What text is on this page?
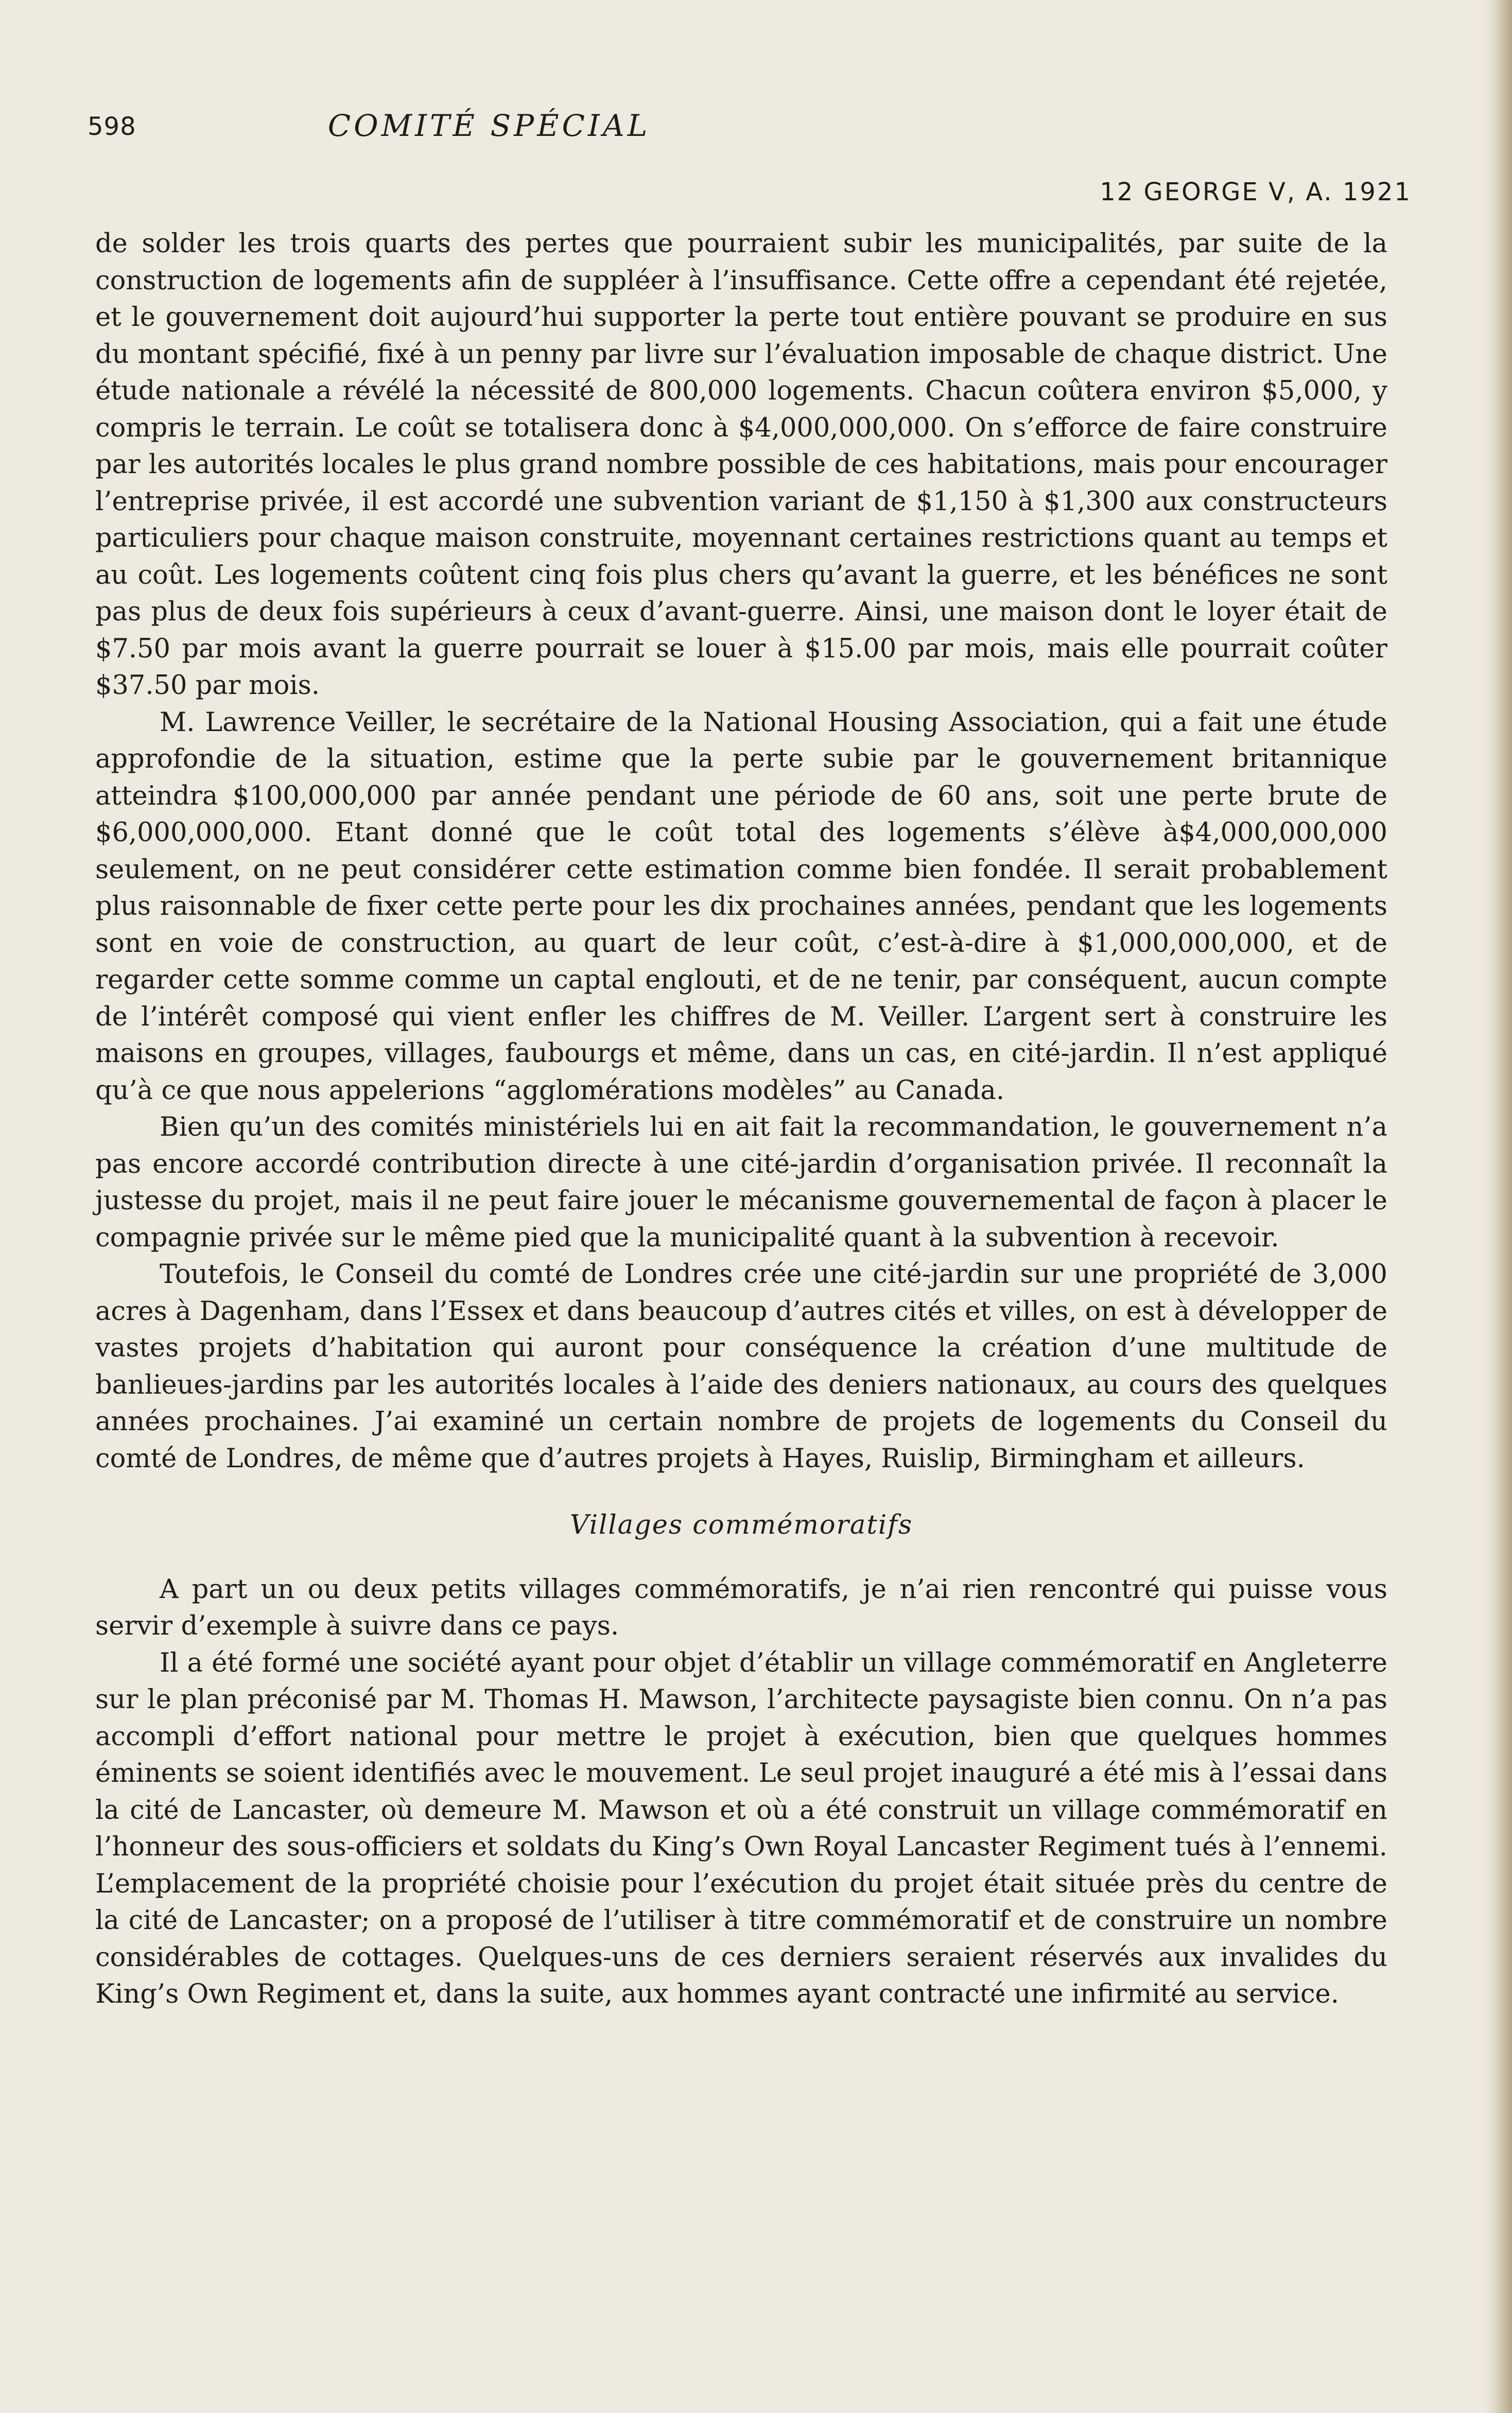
598	COMITÉ SPÉCIAL
12 GEORGE V, A. 1921

de solder les trois quarts des pertes que pourraient subir les municipalités, par suite de la construction de logements afin de suppléer à l’insuffisance. Cette offre a cependant été rejetée, et le gouvernement doit aujourd’hui supporter la perte tout entière pouvant se produire en sus du montant spécifié, fixé à un penny par livre sur l’évaluation imposable de chaque district. Une étude nationale a révélé la nécessité de 800,000 logements. Chacun coûtera environ $5,000, y compris le terrain. Le coût se totalisera donc à $4,000,000,000. On s’efforce de faire construire par les autorités locales le plus grand nombre possible de ces habitations, mais pour encourager l’entreprise privée, il est accordé une subvention variant de $1,150 à $1,300 aux constructeurs particuliers pour chaque maison construite, moyennant certaines restrictions quant au temps et au coût. Les logements coûtent cinq fois plus chers qu’avant la guerre, et les bénéfices ne sont pas plus de deux fois supérieurs à ceux d’avant-guerre. Ainsi, une maison dont le loyer était de $7.50 par mois avant la guerre pourrait se louer à $15.00 par mois, mais elle pourrait coûter $37.50 par mois.

M. Lawrence Veiller, le secrétaire de la National Housing Association, qui a fait une étude approfondie de la situation, estime que la perte subie par le gouvernement britannique atteindra $100,000,000 par année pendant une période de 60 ans, soit une perte brute de $6,000,000,000. Etant donné que le coût total des logements s’élève à$4,000,000,000 seulement, on ne peut considérer cette estimation comme bien fondée. Il serait probablement plus raisonnable de fixer cette perte pour les dix prochaines années, pendant que les logements sont en voie de construction, au quart de leur coût, c’est-à-dire à $1,000,000,000, et de regarder cette somme comme un captal englouti, et de ne tenir, par conséquent, aucun compte de l’intérêt composé qui vient enfler les chiffres de M. Veiller. L’argent sert à construire les maisons en groupes, villages, faubourgs et même, dans un cas, en cité-jardin. Il n’est appliqué qu’à ce que nous appelerions “agglomérations modèles” au Canada.

Bien qu’un des comités ministériels lui en ait fait la recommandation, le gouvernement n’a pas encore accordé contribution directe à une cité-jardin d’organisation privée. Il reconnaît la justesse du projet, mais il ne peut faire jouer le mécanisme gouvernemental de façon à placer le compagnie privée sur le même pied que la municipalité quant à la subvention à recevoir.

Toutefois, le Conseil du comté de Londres crée une cité-jardin sur une propriété de 3,000 acres à Dagenham, dans l’Essex et dans beaucoup d’autres cités et villes, on est à développer de vastes projets d’habitation qui auront pour conséquence la création d’une multitude de banlieues-jardins par les autorités locales à l’aide des deniers nationaux, au cours des quelques années prochaines. J’ai examiné un certain nombre de projets de logements du Conseil du comté de Londres, de même que d’autres projets à Hayes, Ruislip, Birmingham et ailleurs.

Villages commémoratifs

A part un ou deux petits villages commémoratifs, je n’ai rien rencontré qui puisse vous servir d’exemple à suivre dans ce pays.

Il a été formé une société ayant pour objet d’établir un village commémoratif en Angleterre sur le plan préconisé par M. Thomas H. Mawson, l’architecte paysagiste bien connu. On n’a pas accompli d’effort national pour mettre le projet à exécution, bien que quelques hommes éminents se soient identifiés avec le mouvement. Le seul projet inauguré a été mis à l’essai dans la cité de Lancaster, où demeure M. Mawson et où a été construit un village commémoratif en l’honneur des sous-officiers et soldats du King’s Own Royal Lancaster Regiment tués à l’ennemi. L’emplacement de la propriété choisie pour l’exécution du projet était située près du centre de la cité de Lancaster; on a proposé de l’utiliser à titre commémoratif et de construire un nombre considérables de cottages. Quelques-uns de ces derniers seraient réservés aux invalides du King’s Own Regiment et, dans la suite, aux hommes ayant contracté une infirmité au service.
